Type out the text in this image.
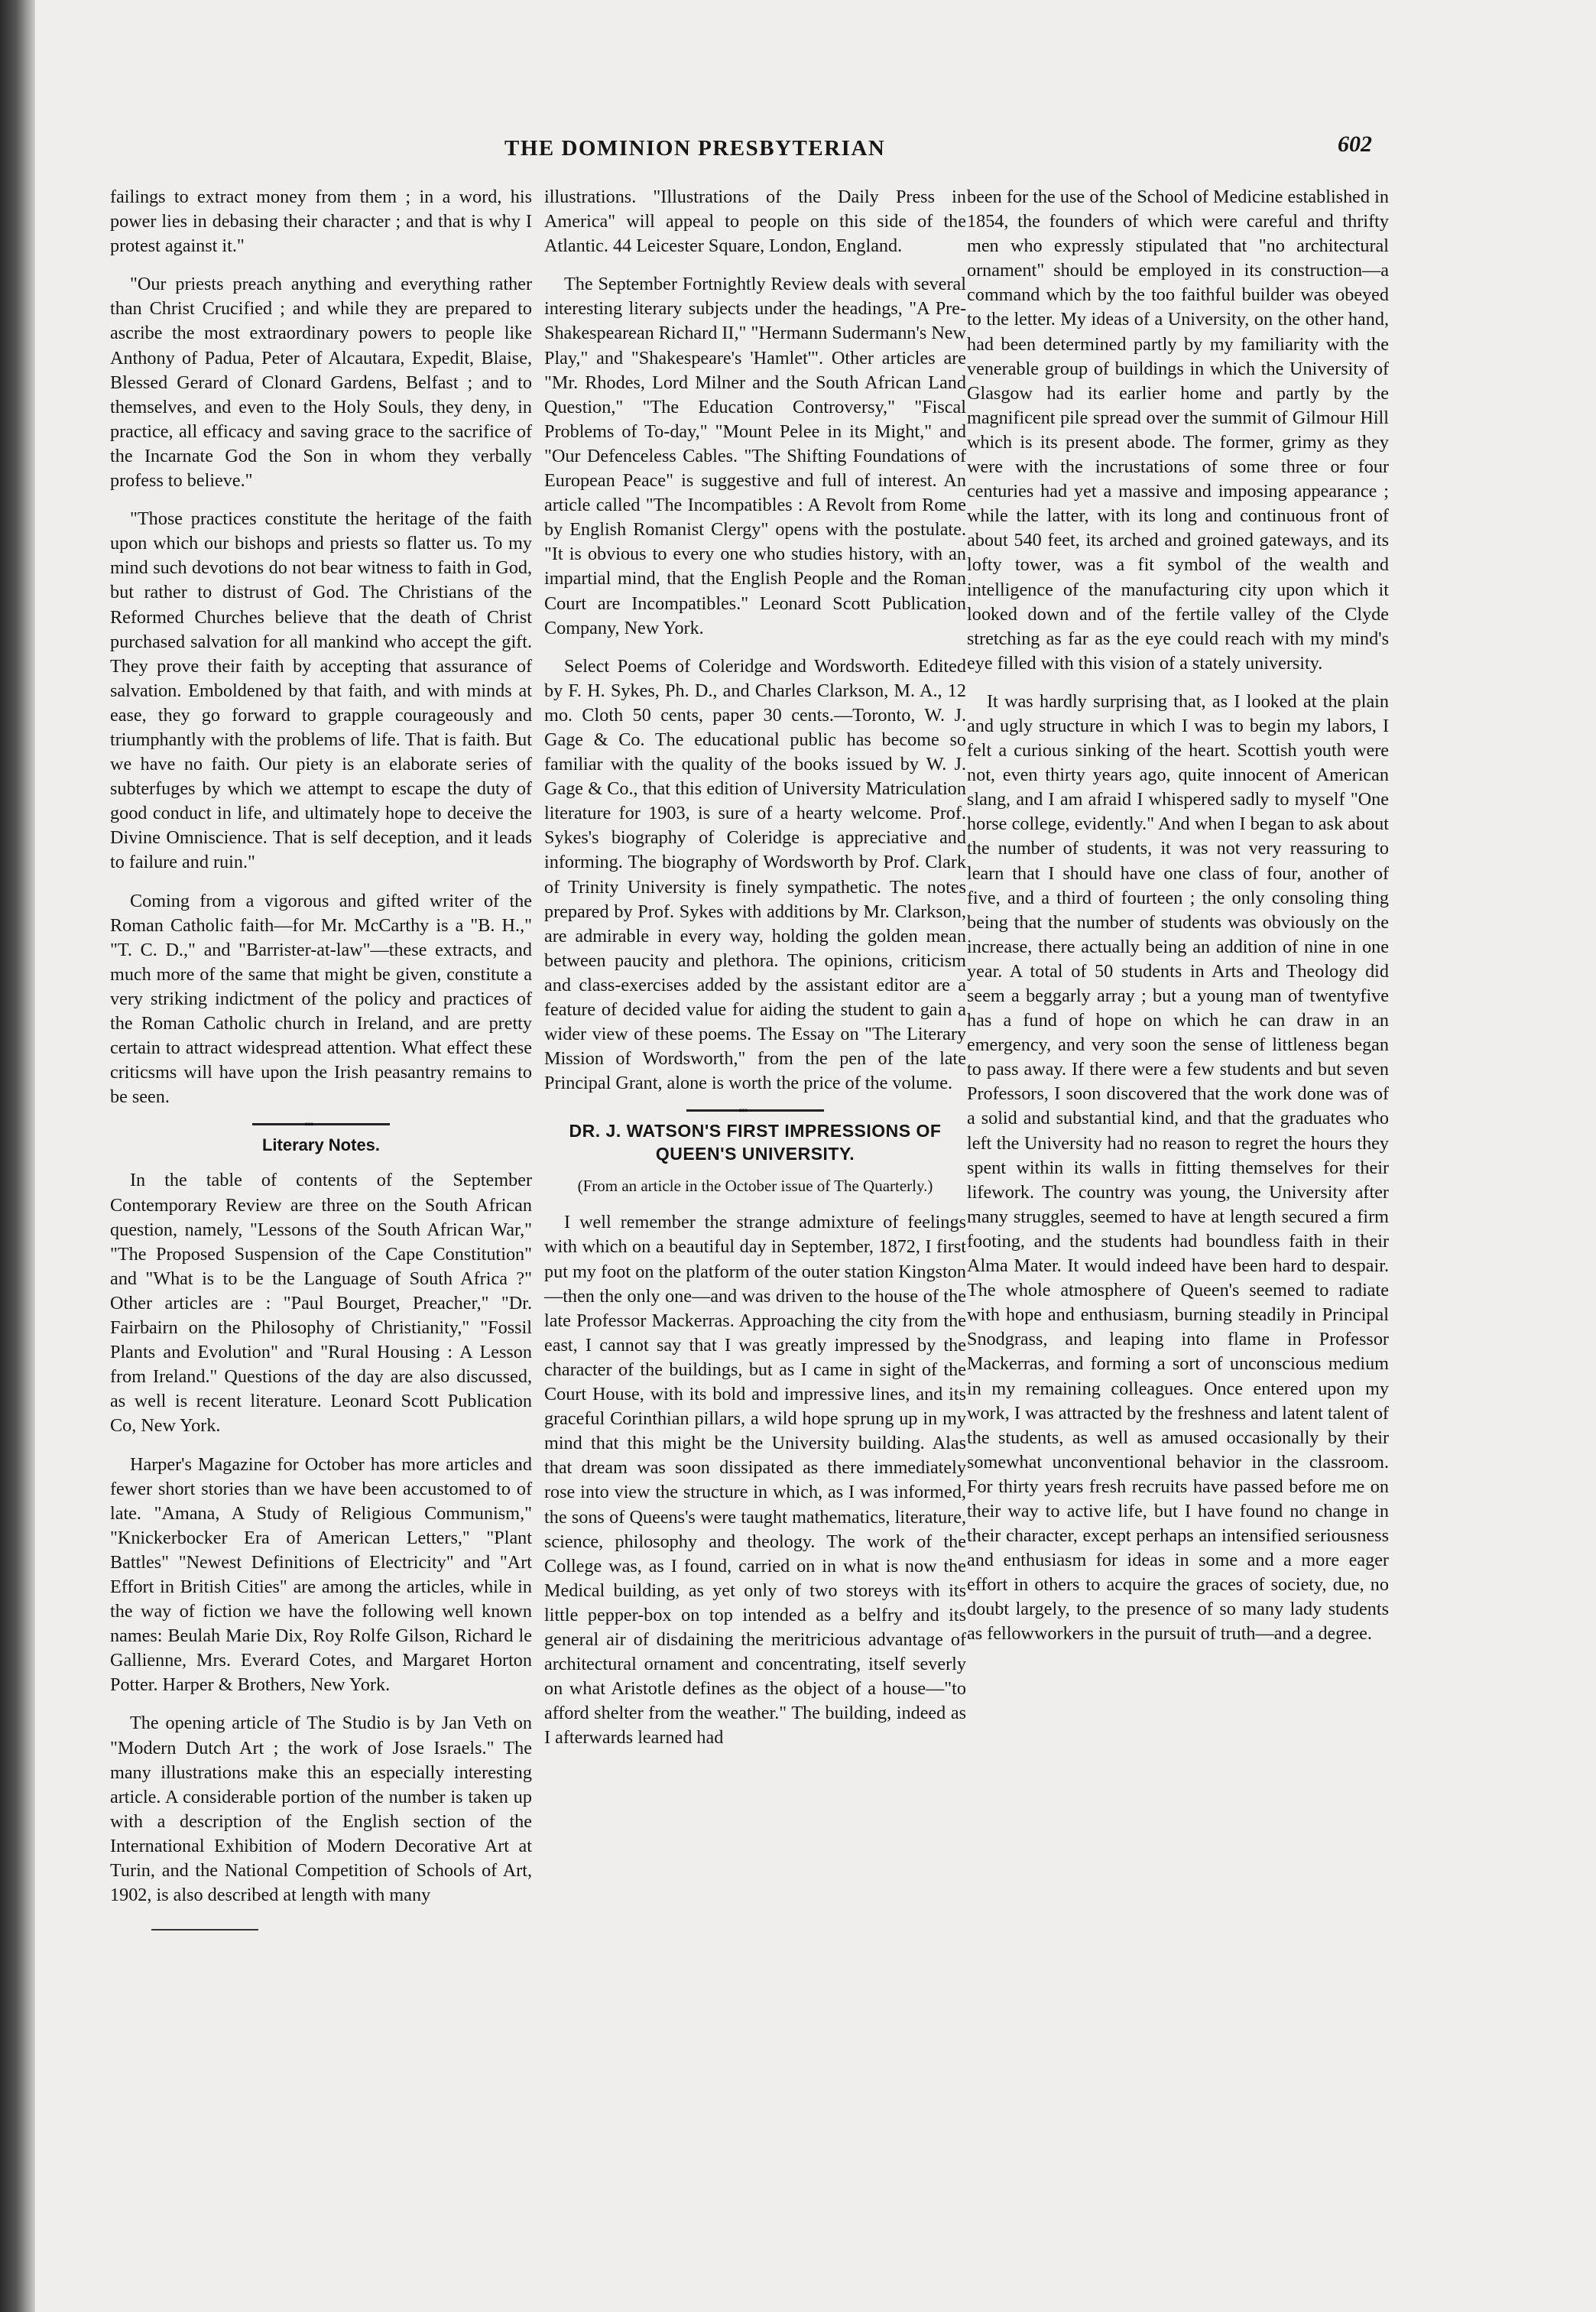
THE DOMINION PRESBYTERIAN	602

failings to extract money from them ; in a word, his power lies in debasing their character ; and that is why I protest against it."

"Our priests preach anything and everything rather than Christ Crucified ; and while they are prepared to ascribe the most extraordinary powers to people like Anthony of Padua, Peter of Alcautara, Expedit, Blaise, Blessed Gerard of Clonard Gardens, Belfast ; and to themselves, and even to the Holy Souls, they deny, in practice, all efficacy and saving grace to the sacrifice of the Incarnate God the Son in whom they verbally profess to believe."

"Those practices constitute the heritage of the faith upon which our bishops and priests so flatter us. To my mind such devotions do not bear witness to faith in God, but rather to distrust of God. The Christians of the Reformed Churches believe that the death of Christ purchased salvation for all mankind who accept the gift. They prove their faith by accepting that assurance of salvation. Emboldened by that faith, and with minds at ease, they go forward to grapple courageously and triumphantly with the problems of life. That is faith. But we have no faith. Our piety is an elaborate series of subterfuges by which we attempt to escape the duty of good conduct in life, and ultimately hope to deceive the Divine Omniscience. That is self deception, and it leads to failure and ruin."

Coming from a vigorous and gifted writer of the Roman Catholic faith—for Mr. McCarthy is a "B. H.," "T. C. D.," and "Barrister-at-law"—these extracts, and much more of the same that might be given, constitute a very striking indictment of the policy and practices of the Roman Catholic church in Ireland, and are pretty certain to attract widespread attention. What effect these criticsms will have upon the Irish peasantry remains to be seen.

•••
Literary Notes.

In the table of contents of the September Contemporary Review are three on the South African question, namely, "Lessons of the South African War," "The Proposed Suspension of the Cape Constitution" and "What is to be the Language of South Africa ?" Other articles are : "Paul Bourget, Preacher," "Dr. Fairbairn on the Philosophy of Christianity," "Fossil Plants and Evolution" and "Rural Housing : A Lesson from Ireland." Questions of the day are also discussed, as well is recent literature. Leonard Scott Publication Co, New York.

Harper's Magazine for October has more articles and fewer short stories than we have been accustomed to of late. "Amana, A Study of Religious Communism," "Knickerbocker Era of American Letters," "Plant Battles" "Newest Definitions of Electricity" and "Art Effort in British Cities" are among the articles, while in the way of fiction we have the following well known names: Beulah Marie Dix, Roy Rolfe Gilson, Richard le Gallienne, Mrs. Everard Cotes, and Margaret Horton Potter. Harper & Brothers, New York.

The opening article of The Studio is by Jan Veth on "Modern Dutch Art ; the work of Jose Israels." The many illustrations make this an especially interesting article. A considerable portion of the number is taken up with a description of the English section of the International Exhibition of Modern Decorative Art at Turin, and the National Competition of Schools of Art, 1902, is also described at length with many

illustrations. "Illustrations of the Daily Press in America" will appeal to people on this side of the Atlantic. 44 Leicester Square, London, England.

The September Fortnightly Review deals with several interesting literary subjects under the headings, "A Pre-Shakespearean Richard II," "Hermann Sudermann's New Play," and "Shakespeare's 'Hamlet'". Other articles are "Mr. Rhodes, Lord Milner and the South African Land Question," "The Education Controversy," "Fiscal Problems of To-day," "Mount Pelee in its Might," and "Our Defenceless Cables. "The Shifting Foundations of European Peace" is suggestive and full of interest. An article called "The Incompatibles : A Revolt from Rome by English Romanist Clergy" opens with the postulate. "It is obvious to every one who studies history, with an impartial mind, that the English People and the Roman Court are Incompatibles." Leonard Scott Publication Company, New York.

Select Poems of Coleridge and Wordsworth. Edited by F. H. Sykes, Ph. D., and Charles Clarkson, M. A., 12 mo. Cloth 50 cents, paper 30 cents.—Toronto, W. J. Gage & Co. The educational public has become so familiar with the quality of the books issued by W. J. Gage & Co., that this edition of University Matriculation literature for 1903, is sure of a hearty welcome. Prof. Sykes's biography of Coleridge is appreciative and informing. The biography of Wordsworth by Prof. Clark of Trinity University is finely sympathetic. The notes prepared by Prof. Sykes with additions by Mr. Clarkson, are admirable in every way, holding the golden mean between paucity and plethora. The opinions, criticism and class-exercises added by the assistant editor are a feature of decided value for aiding the student to gain a wider view of these poems. The Essay on "The Literary Mission of Wordsworth," from the pen of the late Principal Grant, alone is worth the price of the volume.

•••
DR. J. WATSON'S FIRST IMPRESSIONS OF QUEEN'S UNIVERSITY.
(From an article in the October issue of The Quarterly.)

I well remember the strange admixture of feelings with which on a beautiful day in September, 1872, I first put my foot on the platform of the outer station Kingston—then the only one—and was driven to the house of the late Professor Mackerras. Approaching the city from the east, I cannot say that I was greatly impressed by the character of the buildings, but as I came in sight of the Court House, with its bold and impressive lines, and its graceful Corinthian pillars, a wild hope sprung up in my mind that this might be the University building. Alas that dream was soon dissipated as there immediately rose into view the structure in which, as I was informed, the sons of Queens's were taught mathematics, literature, science, philosophy and theology. The work of the College was, as I found, carried on in what is now the Medical building, as yet only of two storeys with its little pepper-box on top intended as a belfry and its general air of disdaining the meritricious advantage of architectural ornament and concentrating, itself severly on what Aristotle defines as the object of a house—"to afford shelter from the weather." The building, indeed as I afterwards learned had

been for the use of the School of Medicine established in 1854, the founders of which were careful and thrifty men who expressly stipulated that "no architectural ornament" should be employed in its construction—a command which by the too faithful builder was obeyed to the letter. My ideas of a University, on the other hand, had been determined partly by my familiarity with the venerable group of buildings in which the University of Glasgow had its earlier home and partly by the magnificent pile spread over the summit of Gilmour Hill which is its present abode. The former, grimy as they were with the incrustations of some three or four centuries had yet a massive and imposing appearance ; while the latter, with its long and continuous front of about 540 feet, its arched and groined gateways, and its lofty tower, was a fit symbol of the wealth and intelligence of the manufacturing city upon which it looked down and of the fertile valley of the Clyde stretching as far as the eye could reach with my mind's eye filled with this vision of a stately university.

It was hardly surprising that, as I looked at the plain and ugly structure in which I was to begin my labors, I felt a curious sinking of the heart. Scottish youth were not, even thirty years ago, quite innocent of American slang, and I am afraid I whispered sadly to myself "One horse college, evidently." And when I began to ask about the number of students, it was not very reassuring to learn that I should have one class of four, another of five, and a third of fourteen ; the only consoling thing being that the number of students was obviously on the increase, there actually being an addition of nine in one year. A total of 50 students in Arts and Theology did seem a beggarly array ; but a young man of twentyfive has a fund of hope on which he can draw in an emergency, and very soon the sense of littleness began to pass away. If there were a few students and but seven Professors, I soon discovered that the work done was of a solid and substantial kind, and that the graduates who left the University had no reason to regret the hours they spent within its walls in fitting themselves for their lifework. The country was young, the University after many struggles, seemed to have at length secured a firm footing, and the students had boundless faith in their Alma Mater. It would indeed have been hard to despair. The whole atmosphere of Queen's seemed to radiate with hope and enthusiasm, burning steadily in Principal Snodgrass, and leaping into flame in Professor Mackerras, and forming a sort of unconscious medium in my remaining colleagues. Once entered upon my work, I was attracted by the freshness and latent talent of the students, as well as amused occasionally by their somewhat unconventional behavior in the classroom. For thirty years fresh recruits have passed before me on their way to active life, but I have found no change in their character, except perhaps an intensified seriousness and enthusiasm for ideas in some and a more eager effort in others to acquire the graces of society, due, no doubt largely, to the presence of so many lady students as fellowworkers in the pursuit of truth—and a degree.
